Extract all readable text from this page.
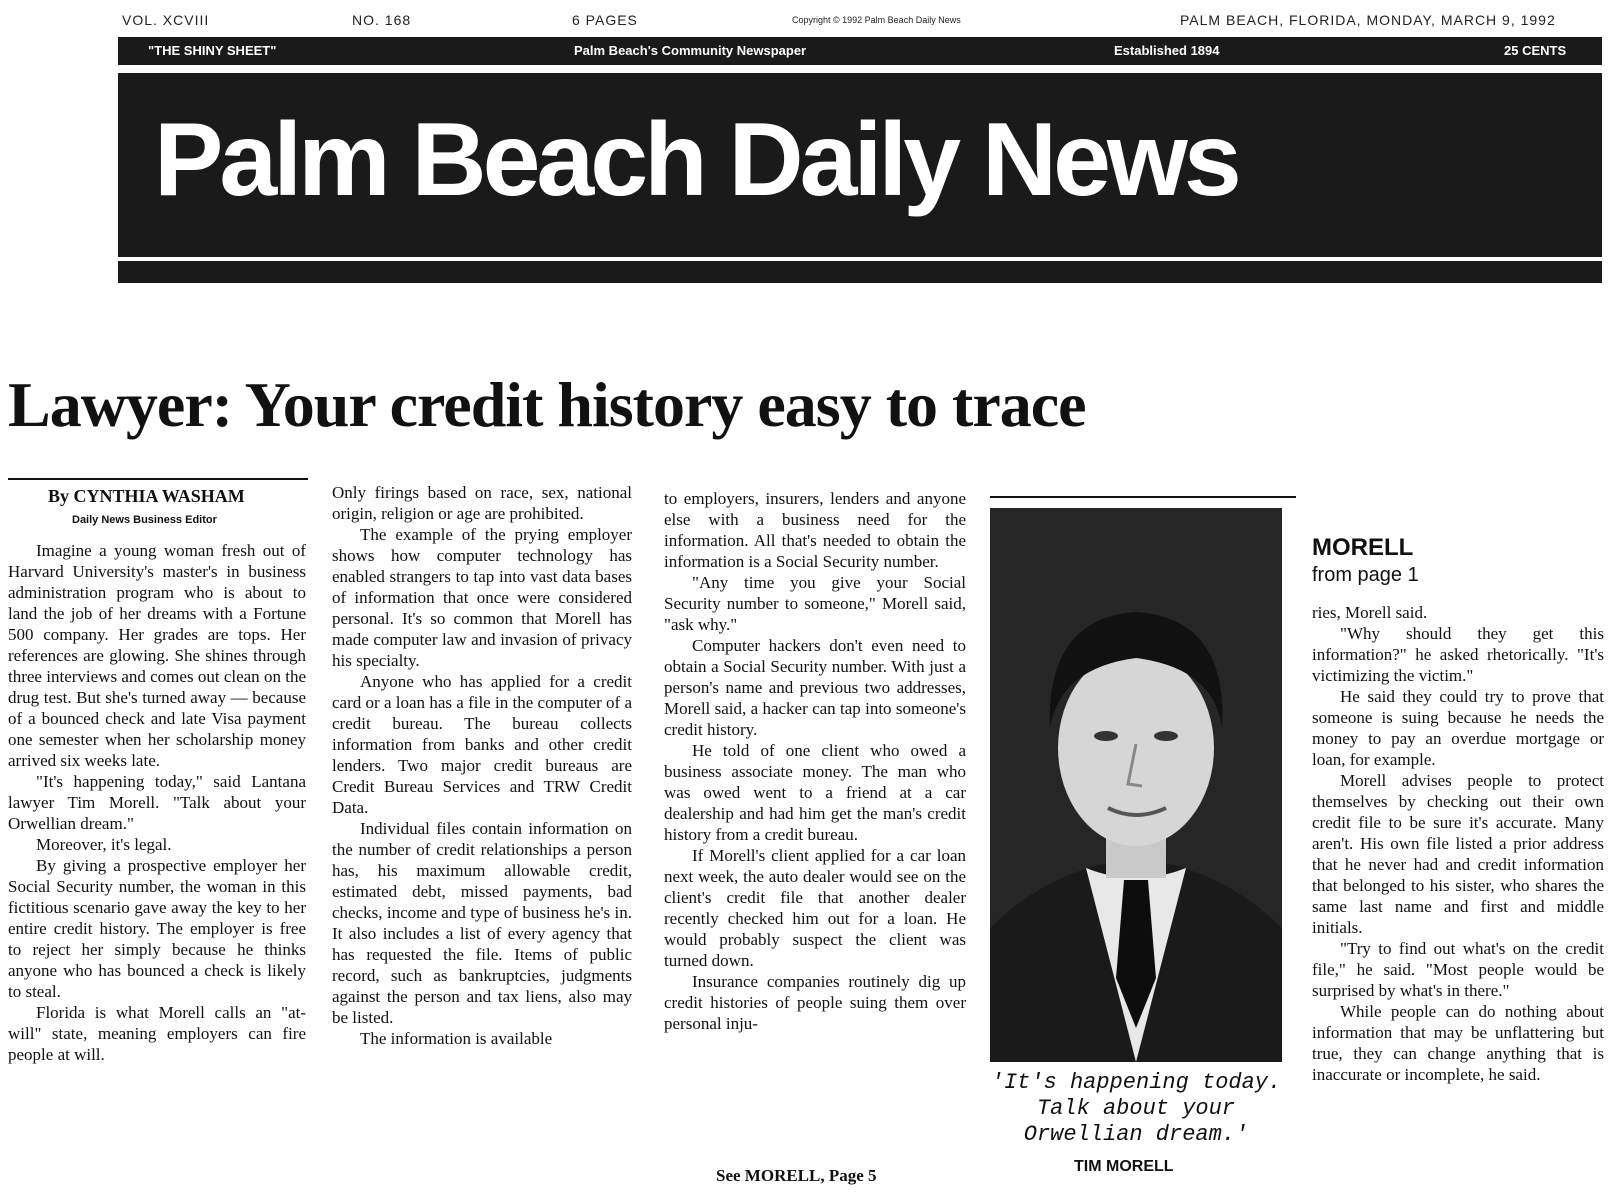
VOL. XCVIII	NO. 168	6 PAGES	Copyright © 1992 Palm Beach Daily News	PALM BEACH, FLORIDA, MONDAY, MARCH 9, 1992
"THE SHINY SHEET"	Palm Beach's Community Newspaper	Established 1894	25 CENTS
Palm Beach Daily News
Lawyer: Your credit history easy to trace
By CYNTHIA WASHAM
Daily News Business Editor

Imagine a young woman fresh out of Harvard University's master's in business administration program who is about to land the job of her dreams with a Fortune 500 company. Her grades are tops. Her references are glowing. She shines through three interviews and comes out clean on the drug test. But she's turned away — because of a bounced check and late Visa payment one semester when her scholarship money arrived six weeks late.

"It's happening today," said Lantana lawyer Tim Morell. "Talk about your Orwellian dream."

Moreover, it's legal.

By giving a prospective employer her Social Security number, the woman in this fictitious scenario gave away the key to her entire credit history. The employer is free to reject her simply because he thinks anyone who has bounced a check is likely to steal.

Florida is what Morell calls an "at-will" state, meaning employers can fire people at will.

Only firings based on race, sex, national origin, religion or age are prohibited.

The example of the prying employer shows how computer technology has enabled strangers to tap into vast data bases of information that once were considered personal. It's so common that Morell has made computer law and invasion of privacy his specialty.

Anyone who has applied for a credit card or a loan has a file in the computer of a credit bureau. The bureau collects information from banks and other credit lenders. Two major credit bureaus are Credit Bureau Services and TRW Credit Data.

Individual files contain information on the number of credit relationships a person has, his maximum allowable credit, estimated debt, missed payments, bad checks, income and type of business he's in. It also includes a list of every agency that has requested the file. Items of public record, such as bankruptcies, judgments against the person and tax liens, also may be listed.

The information is available

to employers, insurers, lenders and anyone else with a business need for the information. All that's needed to obtain the information is a Social Security number.

"Any time you give your Social Security number to someone," Morell said, "ask why."

Computer hackers don't even need to obtain a Social Security number. With just a person's name and previous two addresses, Morell said, a hacker can tap into someone's credit history.

He told of one client who owed a business associate money. The man who was owed went to a friend at a car dealership and had him get the man's credit history from a credit bureau.

If Morell's client applied for a car loan next week, the auto dealer would see on the client's credit file that another dealer recently checked him out for a loan. He would probably suspect the client was turned down.

Insurance companies routinely dig up credit histories of people suing them over personal inju-

See MORELL, Page 5
'It's happening today. Talk about your Orwellian dream.'
TIM MORELL
MORELL
from page 1

ries, Morell said.

"Why should they get this information?" he asked rhetorically. "It's victimizing the victim."

He said they could try to prove that someone is suing because he needs the money to pay an overdue mortgage or loan, for example.

Morell advises people to protect themselves by checking out their own credit file to be sure it's accurate. Many aren't. His own file listed a prior address that he never had and credit information that belonged to his sister, who shares the same last name and first and middle initials.

"Try to find out what's on the credit file," he said. "Most people would be surprised by what's in there."

While people can do nothing about information that may be unflattering but true, they can change anything that is inaccurate or incomplete, he said.
